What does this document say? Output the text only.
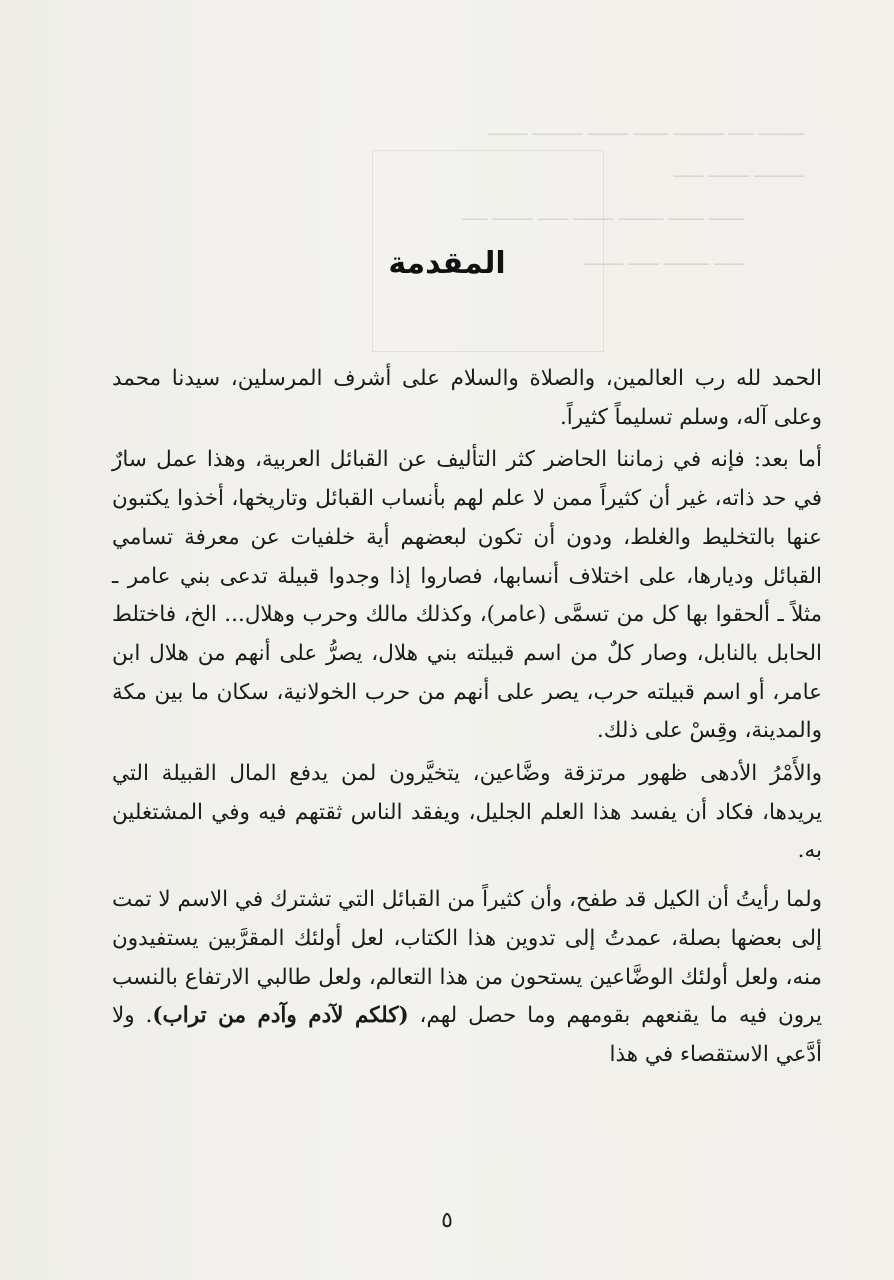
ـــــــــ ـــــ ــــــــــ ـــــــ ــــــــ ــــــــــ ــــــــ
ــــــــــ ــــــــ ــــــ
ـــــــ ـــــــ ـــــــــ ــــــــ ــــــ ــــــــ ـــــ
ــــــ ـــــــــ ــــــ ــــــــ
المقدمة

الحمد لله رب العالمين، والصلاة والسلام على أشرف المرسلين، سيدنا محمد وعلى آله، وسلم تسليماً كثيراً.

أما بعد: فإنه في زماننا الحاضر كثر التأليف عن القبائل العربية، وهذا عمل سارٌ في حد ذاته، غير أن كثيراً ممن لا علم لهم بأنساب القبائل وتاريخها، أخذوا يكتبون عنها بالتخليط والغلط، ودون أن تكون لبعضهم أية خلفيات عن معرفة تسامي القبائل وديارها، على اختلاف أنسابها، فصاروا إذا وجدوا قبيلة تدعى بني عامر ـ مثلاً ـ ألحقوا بها كل من تسمَّى (عامر)، وكذلك مالك وحرب وهلال... الخ، فاختلط الحابل بالنابل، وصار كلٌ من اسم قبيلته بني هلال، يصرُّ على أنهم من هلال ابن عامر، أو اسم قبيلته حرب، يصر على أنهم من حرب الخولانية، سكان ما بين مكة والمدينة، وقِسْ على ذلك.

والأَمْرُ الأدهى ظهور مرتزقة وضَّاعين، يتخيَّرون لمن يدفع المال القبيلة التي يريدها، فكاد أن يفسد هذا العلم الجليل، ويفقد الناس ثقتهم فيه وفي المشتغلين به.

ولما رأيتُ أن الكيل قد طفح، وأن كثيراً من القبائل التي تشترك في الاسم لا تمت إلى بعضها بصلة، عمدتُ إلى تدوين هذا الكتاب، لعل أولئك المقرَّبين يستفيدون منه، ولعل أولئك الوضَّاعين يستحون من هذا التعالم، ولعل طالبي الارتفاع بالنسب يرون فيه ما يقنعهم بقومهم وما حصل لهم، (كلكم لآدم وآدم من تراب). ولا أدَّعي الاستقصاء في هذا

٥
